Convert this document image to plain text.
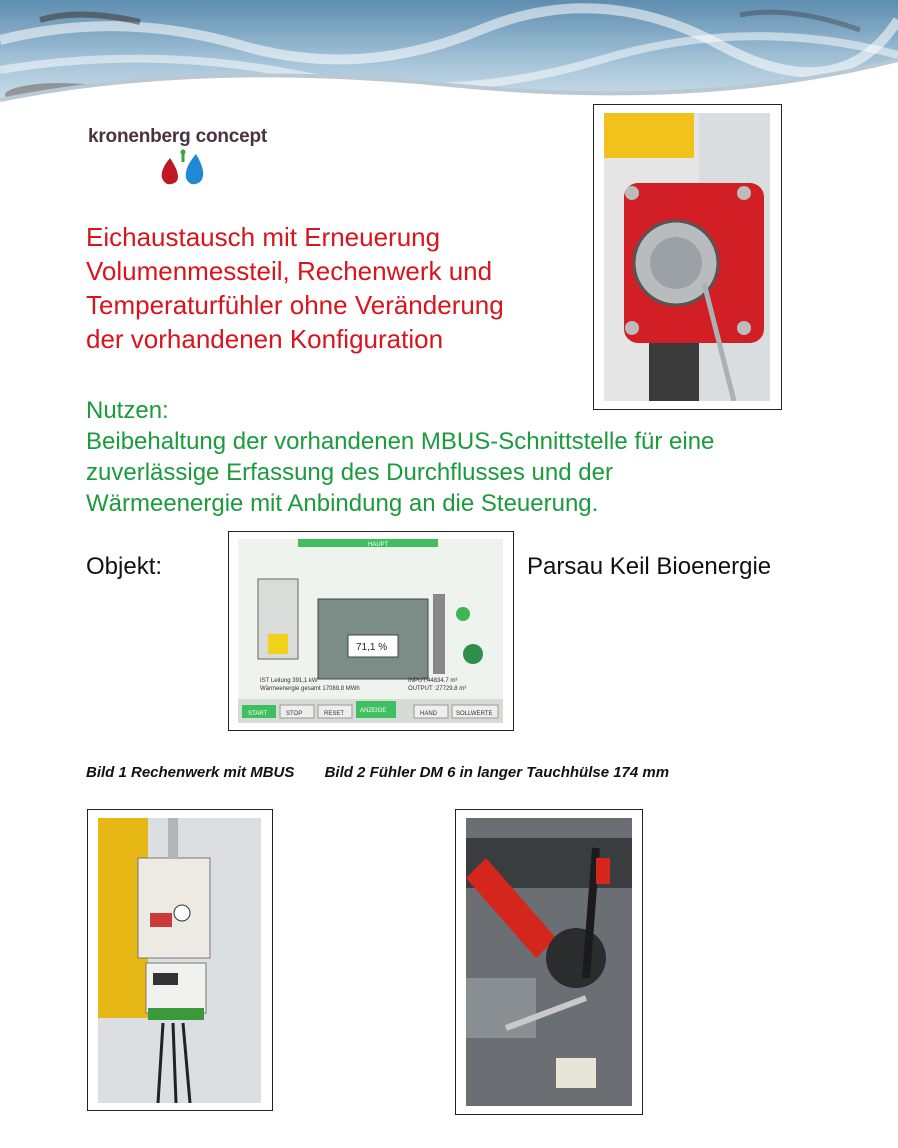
kronenberg concept
Eichaustausch mit Erneuerung
Volumenmessteil, Rechenwerk und
Temperaturfühler ohne Veränderung
der vorhandenen Konfiguration
Nutzen:
Beibehaltung der vorhandenen MBUS-Schnittstelle für eine
zuverlässige Erfassung des Durchflusses und der
Wärmeenergie mit Anbindung an die Steuerung.
Objekt:	Parsau Keil Bioenergie
HAUPT
71,1 %
IST Leitung 391,1 kW
Wärmeenergie gesamt 17089.8 MWh
INPUT:44834.7 m³
OUTPUT :27729.8 m³
START	STOP	RESET	ANZEIGE	HAND	SOLLWERTE
Bild 1 Rechenwerk mit MBUS Bild 2 Fühler DM 6 in langer Tauchhülse 174 mm
